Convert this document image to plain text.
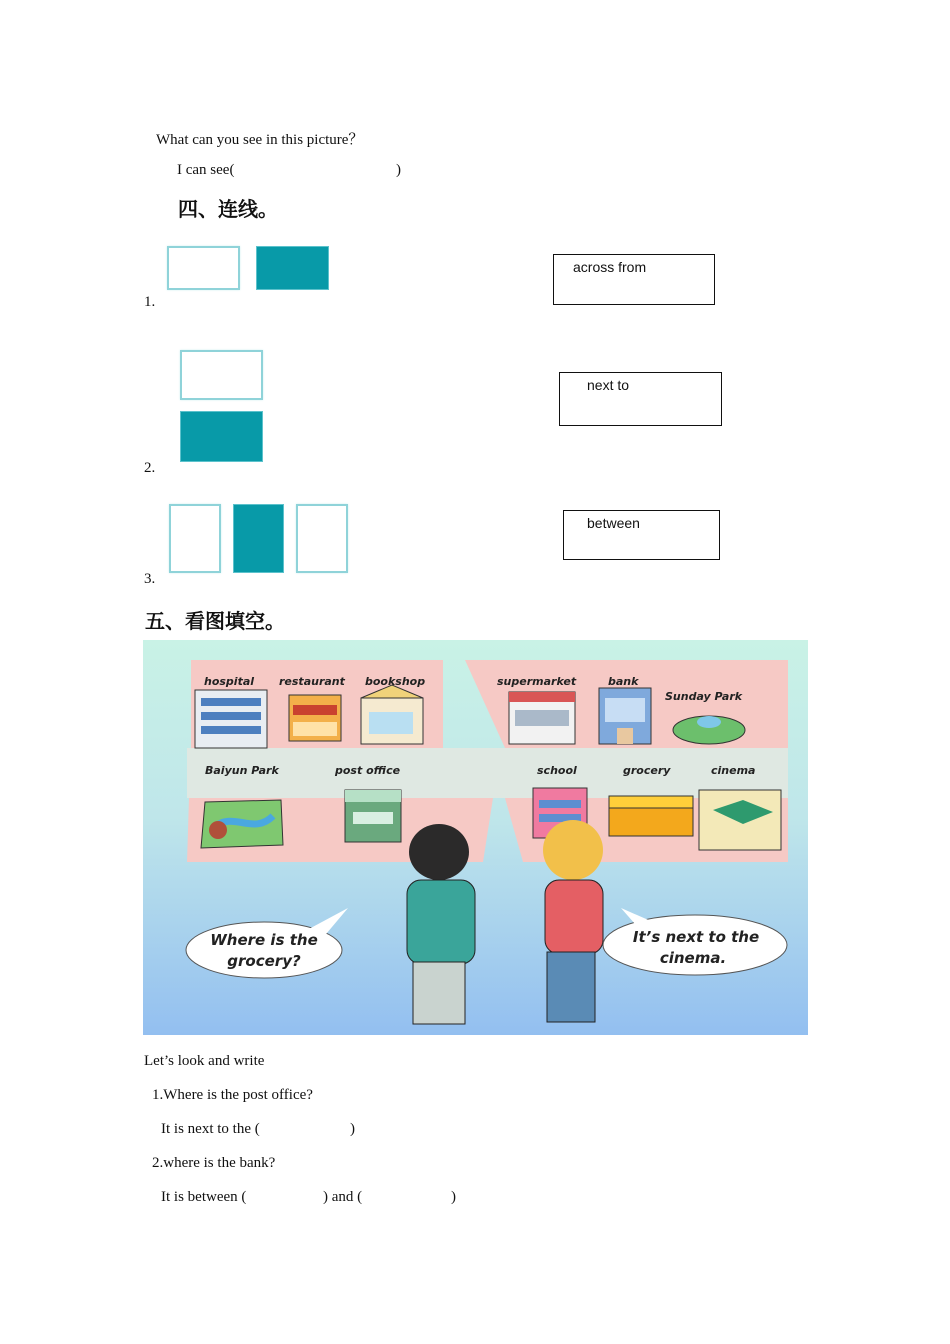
What can you see in this picture？
I can see(	)
四、连线。
1.
across from
2.
next to
3.
between
五、看图填空。
hospital restaurant bookshop	supermarket	bank
Sunday Park
Baiyun Park	post office	school	grocery	cinema
Where is the
grocery?
It’s next to the
cinema.
Let’s look and write
1.Where is the post office?
It is next to the (	)
2.where is the bank?
It is between (	) and (	)
